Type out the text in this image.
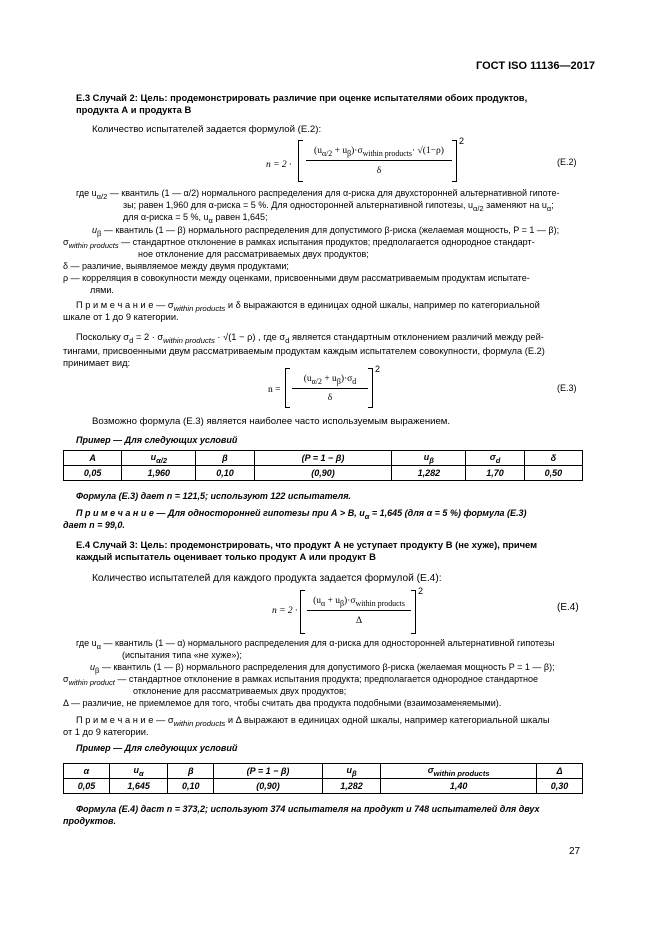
ГОСТ ISO 11136—2017
Е.3 Случай 2: Цель: продемонстрировать различие при оценке испытателями обоих продуктов,
продукта А и продукта В
Количество испытателей задается формулой (Е.2):
n = 2 ·
$(u_{\alpha/2} + u_\beta)\cdot\sigma_{within products}\cdot √(1-\rho)$
δ
2
(Е.2)
где $u_{\alpha/2}$ — квантиль (1 — α/2) нормального распределения для α-риска для двухсторонней альтернативной гипоте-
зы; равен 1,960 для α-риска = 5 %. Для односторонней альтернативной гипотезы, $u_{\alpha/2}$ заменяют на $u_\alpha$;
для α-риска = 5 %, $u_\alpha$ равен 1,645;
$u_\beta$ — квантиль (1 — β) нормального распределения для допустимого β-риска (желаемая мощность, P = 1 — β);
$\sigma_{within products}$ — стандартное отклонение в рамках испытания продуктов; предполагается однородное стандарт-
ное отклонение для рассматриваемых двух продуктов;
δ — различие, выявляемое между двумя продуктами;
ρ — корреляция в совокупности между оценками, присвоенными двум рассматриваемым продуктам испытате-
лями.
П р и м е ч а н и е — $\sigma_{within products}$ и δ выражаются в единицах одной шкалы, например по категориальной
шкале от 1 до 9 категории.
Поскольку $\sigma_d = 2 \cdot \sigma_{within products} \cdot √(1 - \rho)$ , где $\sigma_d$ является стандартным отклонением различий между рей-
тингами, присвоенными двум рассматриваемым продуктам каждым испытателем совокупности, формула (Е.2)
принимает вид:
n =
$(u_{\alpha/2} + u_\beta)\cdot\sigma_d$
δ
2
(Е.3)
Возможно формула (Е.3) является наиболее часто используемым выражением.
Пример — Для следующих условий
A	$u_{\alpha/2}$	β	(P = 1 − β)	$u_\beta$	$\sigma_d$	δ
0,05	1,960	0,10	(0,90)	1,282	1,70	0,50
Формула (Е.3) дает n = 121,5; используют 122 испытателя.
П р и м е ч а н и е — Для односторонней гипотезы при А > В, $u_\alpha = 1,645$ (для α = 5 %) формула (Е.3)
дает n = 99,0.
Е.4 Случай 3: Цель: продемонстрировать, что продукт А не уступает продукту В (не хуже), причем
каждый испытатель оценивает только продукт А или продукт В
Количество испытателей для каждого продукта задается формулой (Е.4):
n = 2 ·
$(u_\alpha + u_\beta)\cdot\sigma_{within products}$
Δ
2
(Е.4)
где $u_\alpha$ — квантиль (1 — α) нормального распределения для α-риска для односторонней альтернативной гипотезы
(испытания типа «не хуже»);
$u_\beta$ — квантиль (1 — β) нормального распределения для допустимого β-риска (желаемая мощность P = 1 — β);
$\sigma_{within product}$ — стандартное отклонение в рамках испытания продукта; предполагается однородное стандартное
отклонение для рассматриваемых двух продуктов;
Δ — различие, не приемлемое для того, чтобы считать два продукта подобными (взаимозаменяемыми).
П р и м е ч а н и е — $\sigma_{within products}$ и Δ выражают в единицах одной шкалы, например категориальной шкалы
от 1 до 9 категории.
Пример — Для следующих условий
α	$u_\alpha$	β	(P = 1 − β)	$u_\beta$	$\sigma_{within products}$	Δ
0,05	1,645	0,10	(0,90)	1,282	1,40	0,30
Формула (Е.4) даст n = 373,2; используют 374 испытателя на продукт и 748 испытателей для двух
продуктов.
27
